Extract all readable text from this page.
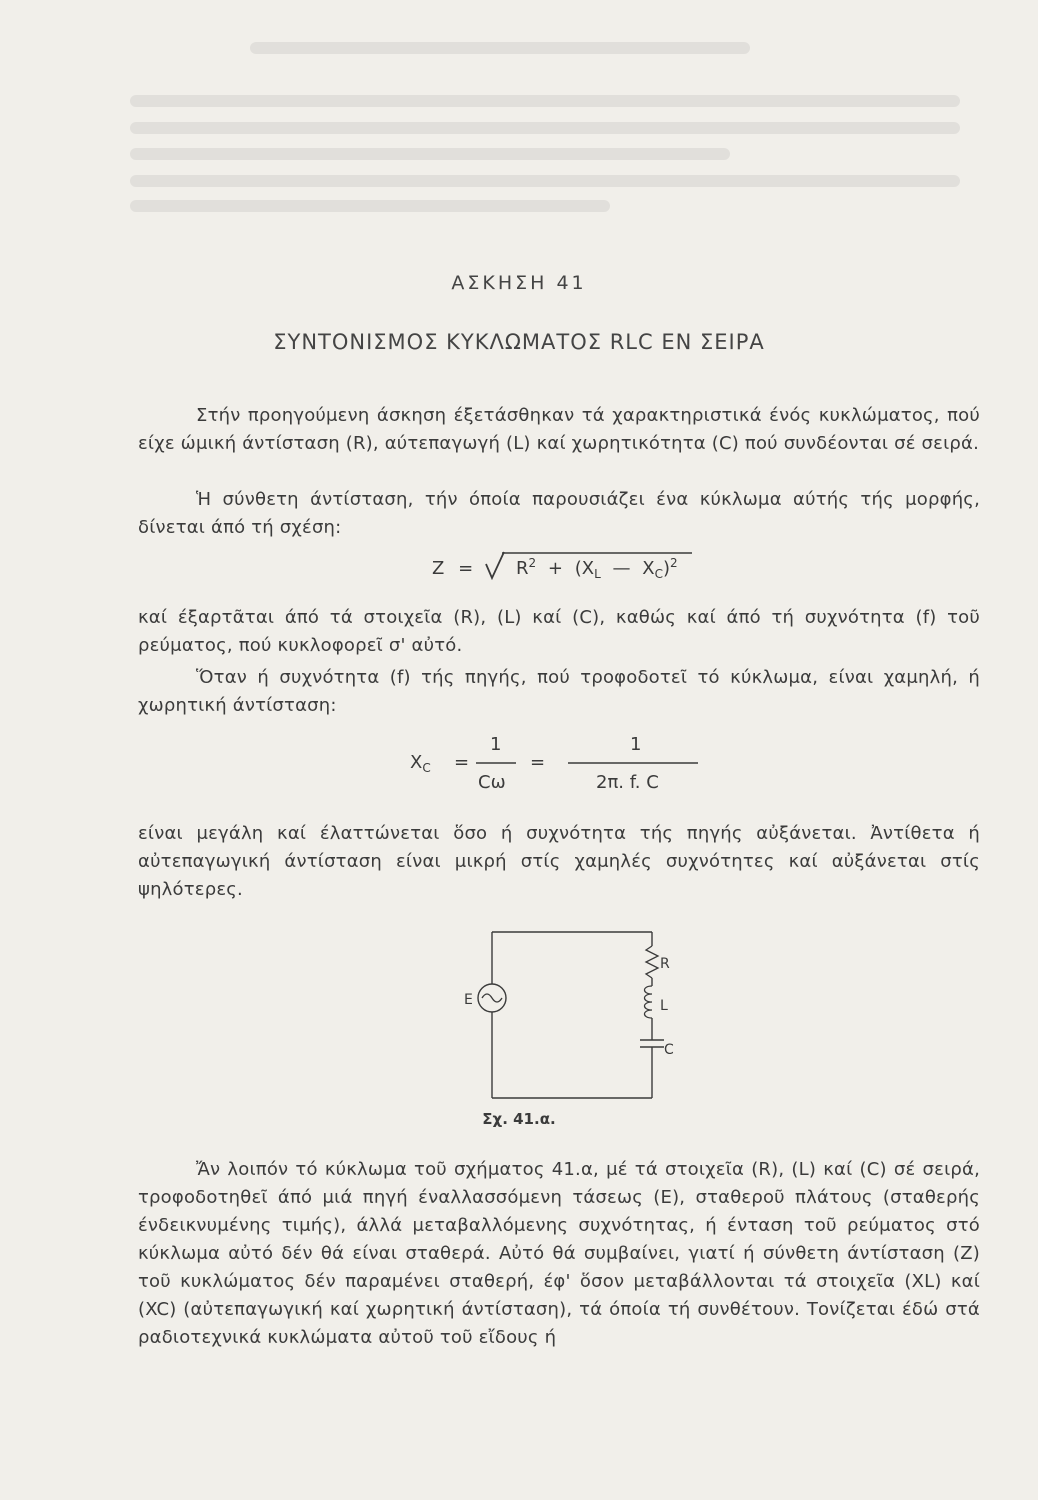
ΑΣΚΗΣΗ 41
ΣΥΝΤΟΝΙΣΜΟΣ ΚΥΚΛΩΜΑΤΟΣ RLC ΕΝ ΣΕΙΡΑ
Στήν προηγούμενη άσκηση έξετάσθηκαν τά χαρακτηριστικά ένός κυκλώματος, πού είχε ώμική άντίσταση (R), αύτεπαγωγή (L) καί χωρητικότητα (C) πού συνδέονται σέ σειρά.
Ἡ σύνθετη άντίσταση, τήν όποία παρουσιάζει ένα κύκλωμα αύτής τής μορφής, δίνεται άπό τή σχέση:
$Z = R^2 + (X_L$ — $X_C)^2$
καί έξαρτᾶται άπό τά στοιχεῖα (R), (L) καί (C), καθώς καί άπό τή συχνότητα (f) τοῦ ρεύματος, πού κυκλοφορεῖ σ' αὐτό.
Ὅταν ή συχνότητα (f) τής πηγής, πού τροφοδοτεῖ τό κύκλωμα, είναι χαμηλή, ή χωρητική άντίσταση:
$X_C$ =
1
Cω
=
1
2π. f. C
είναι μεγάλη καί έλαττώνεται ὅσο ή συχνότητα τής πηγής αὐξάνεται. Ἀντίθετα ή αὐτεπαγωγική άντίσταση είναι μικρή στίς χαμηλές συχνότητες καί αὐξάνεται στίς ψηλότερες.
E
R
L
C
Σχ. 41.α.
Ἄν λοιπόν τό κύκλωμα τοῦ σχήματος 41.α, μέ τά στοιχεῖα (R), (L) καί (C) σέ σειρά, τροφοδοτηθεῖ άπό μιά πηγή έναλλασσόμενη τάσεως (E), σταθεροῦ πλάτους (σταθερής ένδεικνυμένης τιμής), άλλά μεταβαλλόμενης συχνότητας, ή ένταση τοῦ ρεύματος στό κύκλωμα αὐτό δέν θά είναι σταθερά. Αὐτό θά συμβαίνει, γιατί ή σύνθετη άντίσταση (Z) τοῦ κυκλώματος δέν παραμένει σταθερή, έφ' ὅσον μεταβάλλονται τά στοιχεῖα (XL) καί (XC) (αὐτεπαγωγική καί χωρητική άντίσταση), τά όποία τή συνθέτουν. Τονίζεται έδώ στά ραδιοτεχνικά κυκλώματα αὐτοῦ τοῦ εἴδους ή
